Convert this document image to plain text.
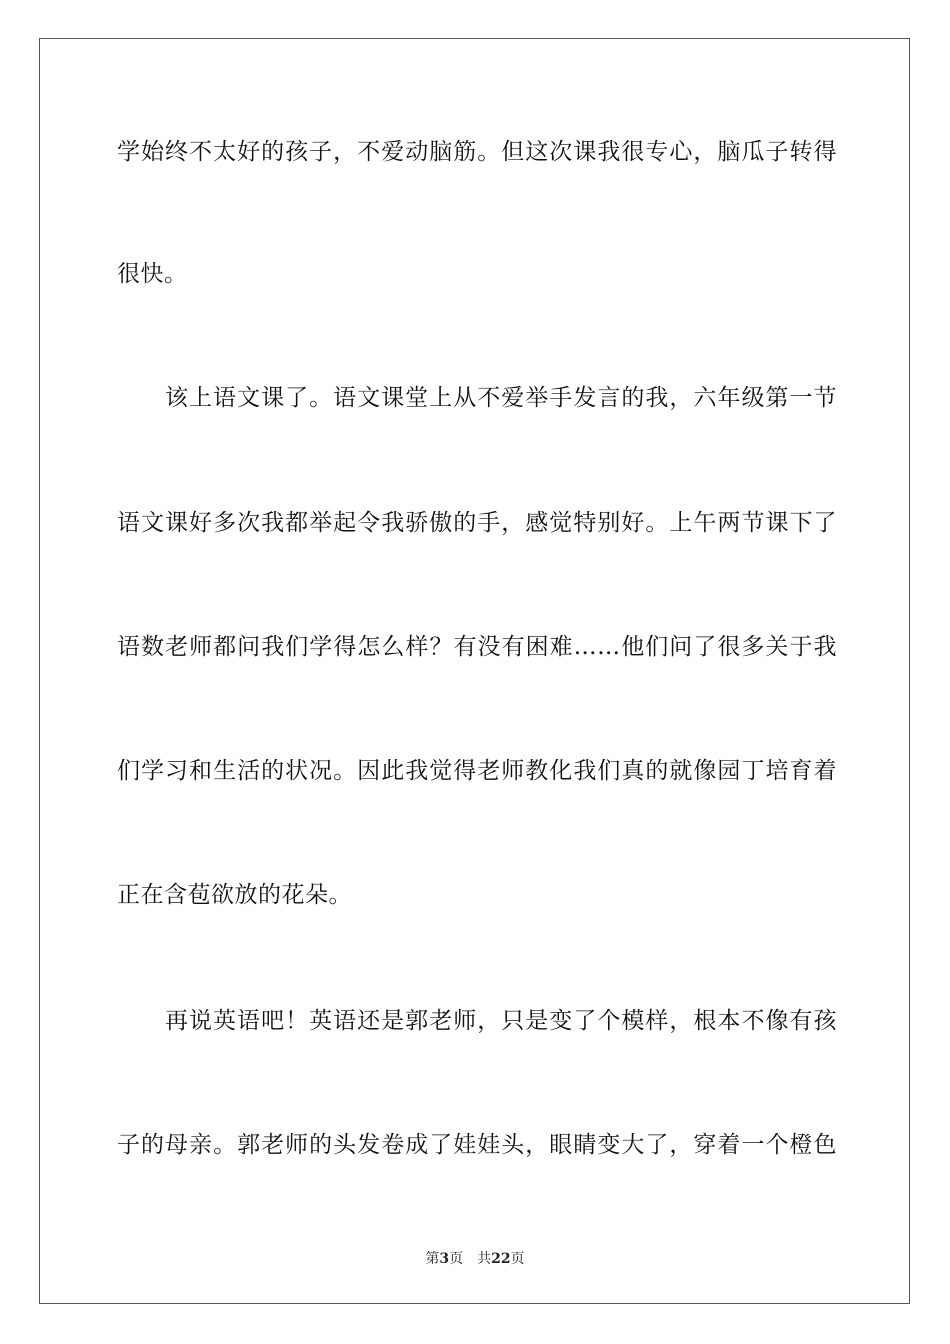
学始终不太好的孩子，不爱动脑筋。但这次课我很专心，脑瓜子转得
很快。
该上语文课了。语文课堂上从不爱举手发言的我，六年级第一节
语文课好多次我都举起令我骄傲的手，感觉特别好。上午两节课下了
语数老师都问我们学得怎么样？有没有困难……他们问了很多关于我
们学习和生活的状况。因此我觉得老师教化我们真的就像园丁培育着
正在含苞欲放的花朵。
再说英语吧！英语还是郭老师，只是变了个模样，根本不像有孩
子的母亲。郭老师的头发卷成了娃娃头，眼睛变大了，穿着一个橙色
第3页 共22页
